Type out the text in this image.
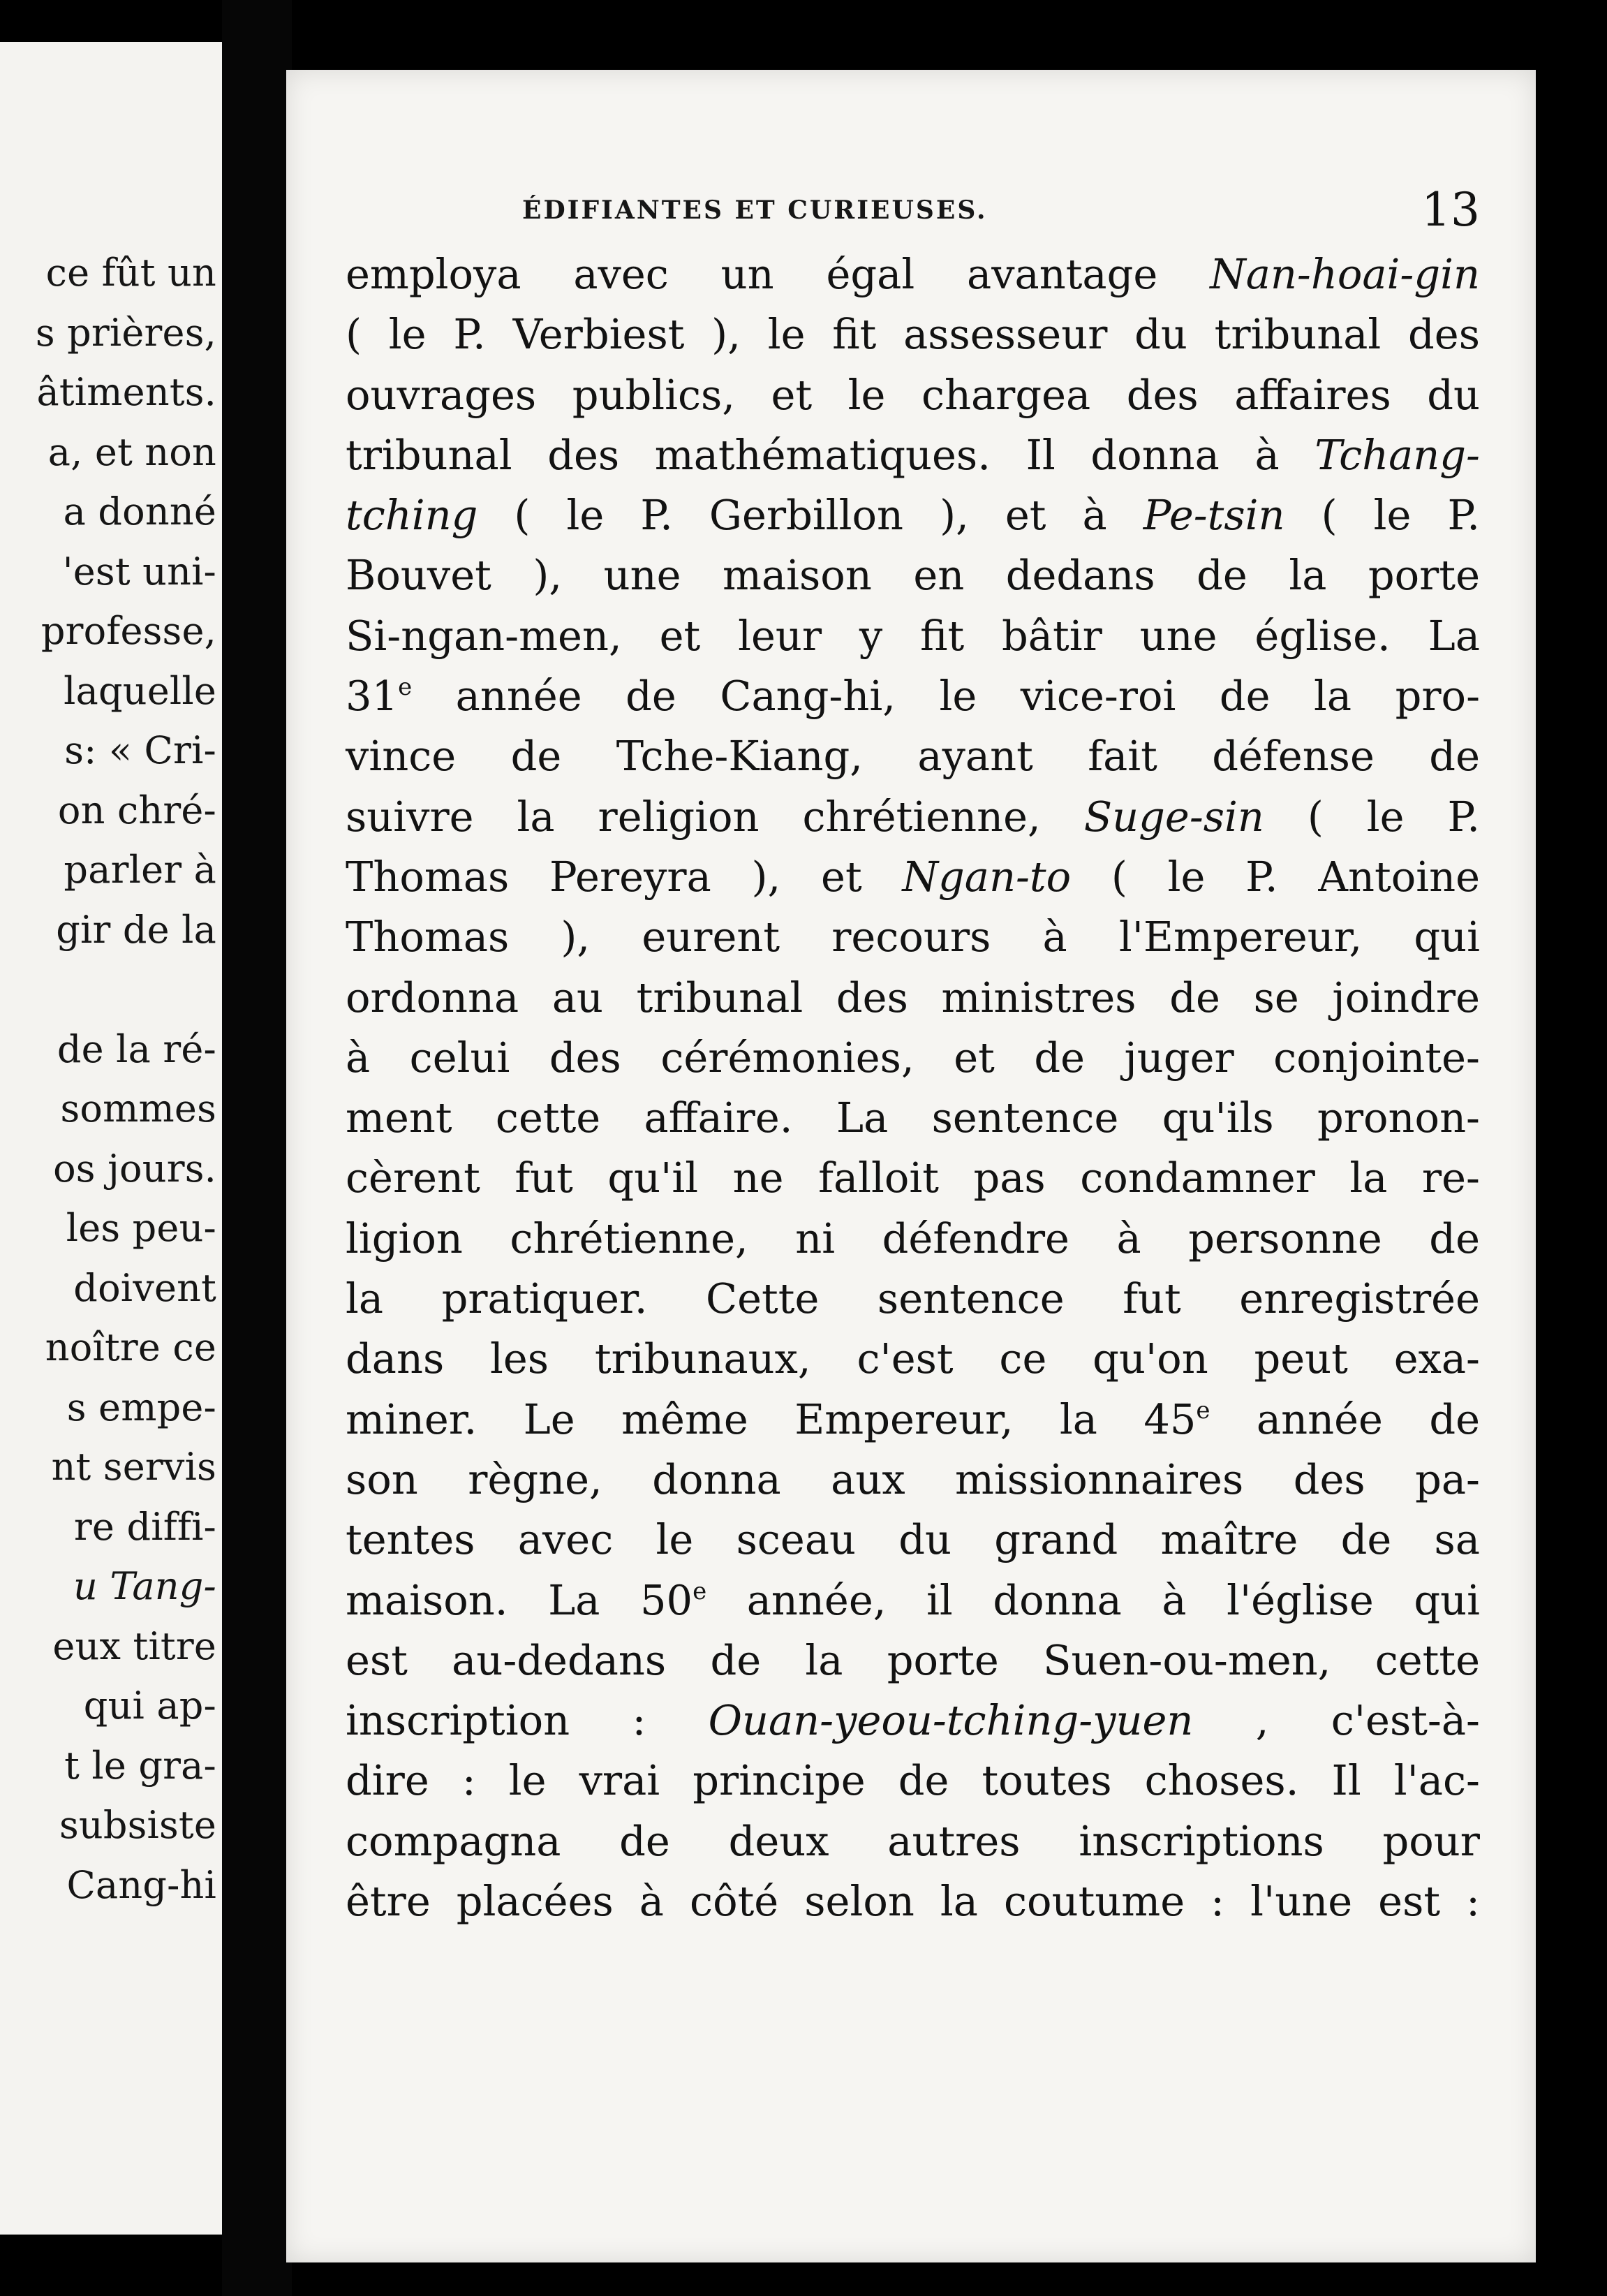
ce fût un
s prières,
âtiments.
a, et non
a donné
'est uni-
professe,
laquelle
s: « Cri-
on chré-
parler à
gir de la
de la ré-
sommes
os jours.
les peu-
doivent
noître ce
s empe-
nt servis
re diffi-
u Tang-
eux titre
qui ap-
t le gra-
subsiste
Cang-hi
ÉDIFIANTES ET CURIEUSES.	13
employa avec un égal avantage Nan-hoai-gin
( le P. Verbiest ), le fit assesseur du tribunal des
ouvrages publics, et le chargea des affaires du
tribunal des mathématiques. Il donna à Tchang-
tching ( le P. Gerbillon ), et à Pe-tsin ( le P.
Bouvet ), une maison en dedans de la porte
Si-ngan-men, et leur y fit bâtir une église. La
31e année de Cang-hi, le vice-roi de la pro-
vince de Tche-Kiang, ayant fait défense de
suivre la religion chrétienne, Suge-sin ( le P.
Thomas Pereyra ), et Ngan-to ( le P. Antoine
Thomas ), eurent recours à l'Empereur, qui
ordonna au tribunal des ministres de se joindre
à celui des cérémonies, et de juger conjointe-
ment cette affaire. La sentence qu'ils pronon-
cèrent fut qu'il ne falloit pas condamner la re-
ligion chrétienne, ni défendre à personne de
la pratiquer. Cette sentence fut enregistrée
dans les tribunaux, c'est ce qu'on peut exa-
miner. Le même Empereur, la 45e année de
son règne, donna aux missionnaires des pa-
tentes avec le sceau du grand maître de sa
maison. La 50e année, il donna à l'église qui
est au-dedans de la porte Suen-ou-men, cette
inscription : Ouan-yeou-tching-yuen , c'est-à-
dire : le vrai principe de toutes choses. Il l'ac-
compagna de deux autres inscriptions pour
être placées à côté selon la coutume : l'une est :
